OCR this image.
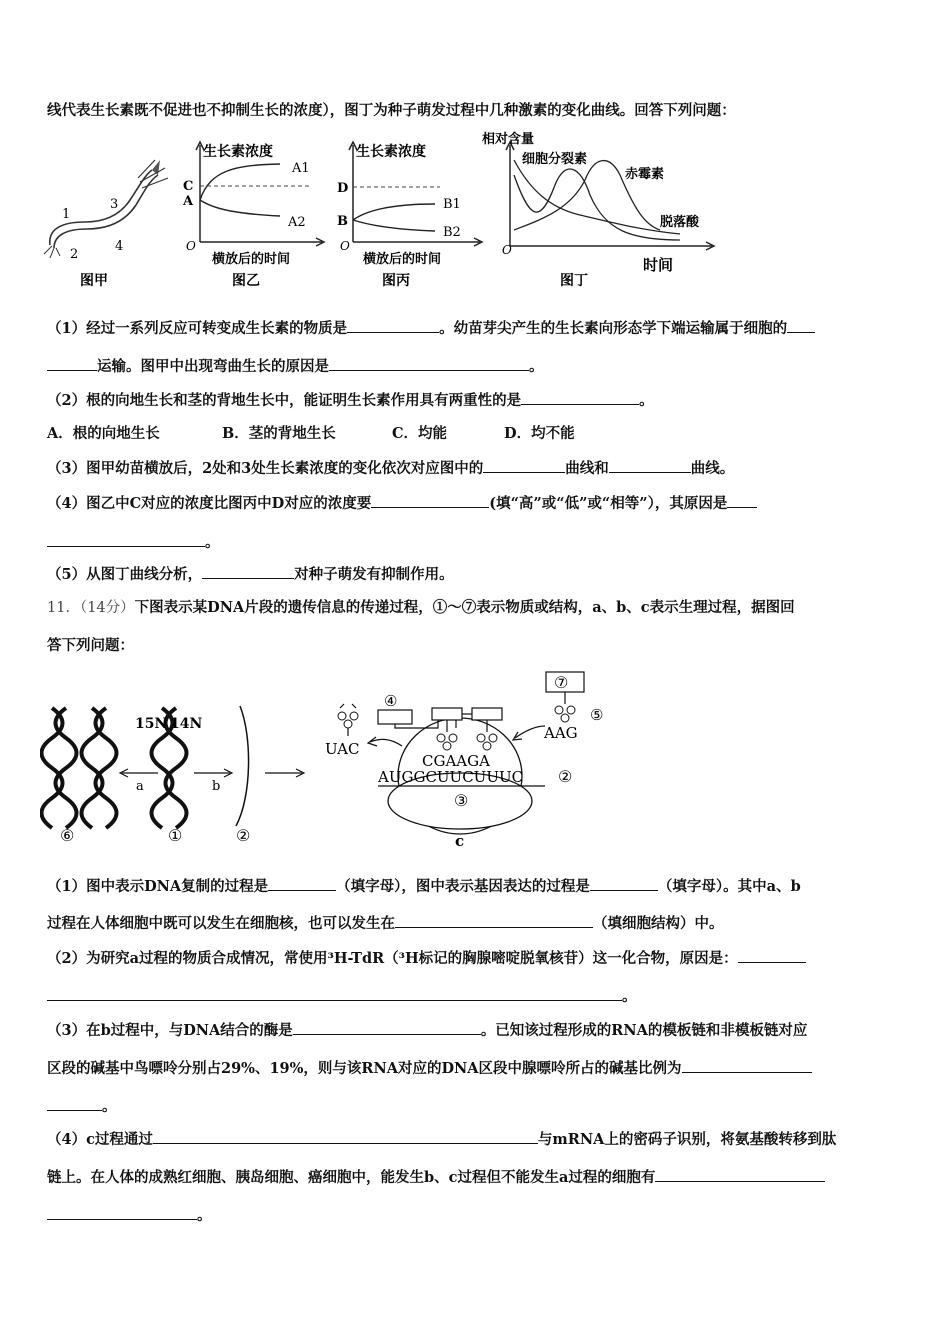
线代表生长素既不促进也不抑制生长的浓度），图丁为种子萌发过程中几种激素的变化曲线。回答下列问题：
1
2
3
4
图甲
生长素浓度
C
A
A1
A2
O
横放后的时间
图乙
生长素浓度
D
B
B1
B2
O
横放后的时间
图丙
相对含量
细胞分裂素
赤霉素
脱落酸
O
时间
图丁
（1）经过一系列反应可转变成生长素的物质是	。幼苗芽尖产生的生长素向形态学下端运输属于细胞的
运输。图甲中出现弯曲生长的原因是	。
（2）根的向地生长和茎的背地生长中，能证明生长素作用具有两重性的是	。
A．根的向地生长	B．茎的背地生长	C．均能	D．均不能
（3）图甲幼苗横放后，2处和3处生长素浓度的变化依次对应图中的	曲线和	曲线。
（4）图乙中C对应的浓度比图丙中D对应的浓度要	(填“高”或“低”或“相等”），其原因是
。
（5）从图丁曲线分析，	对种子萌发有抑制作用。
11．（14分）下图表示某DNA片段的遗传信息的传递过程，①～⑦表示物质或结构，a、b、c表示生理过程，据图回
答下列问题：
15N 14N
a	b
⑥	①	②
④
CGAAGA
AUGGCUUCUUUC ②
③
c
UAC
⑦
⑤
AAG
（1）图中表示DNA复制的过程是	（填字母），图中表示基因表达的过程是	（填字母）。其中a、b
过程在人体细胞中既可以发生在细胞核，也可以发生在	（填细胞结构）中。
（2）为研究a过程的物质合成情况，常使用³H-TdR（³H标记的胸腺嘧啶脱氧核苷）这一化合物，原因是：
。
（3）在b过程中，与DNA结合的酶是	。已知该过程形成的RNA的模板链和非模板链对应
区段的碱基中鸟嘌呤分别占29%、19%，则与该RNA对应的DNA区段中腺嘌呤所占的碱基比例为
。
（4）c过程通过	与mRNA上的密码子识别，将氨基酸转移到肽
链上。在人体的成熟红细胞、胰岛细胞、癌细胞中，能发生b、c过程但不能发生a过程的细胞有
。
